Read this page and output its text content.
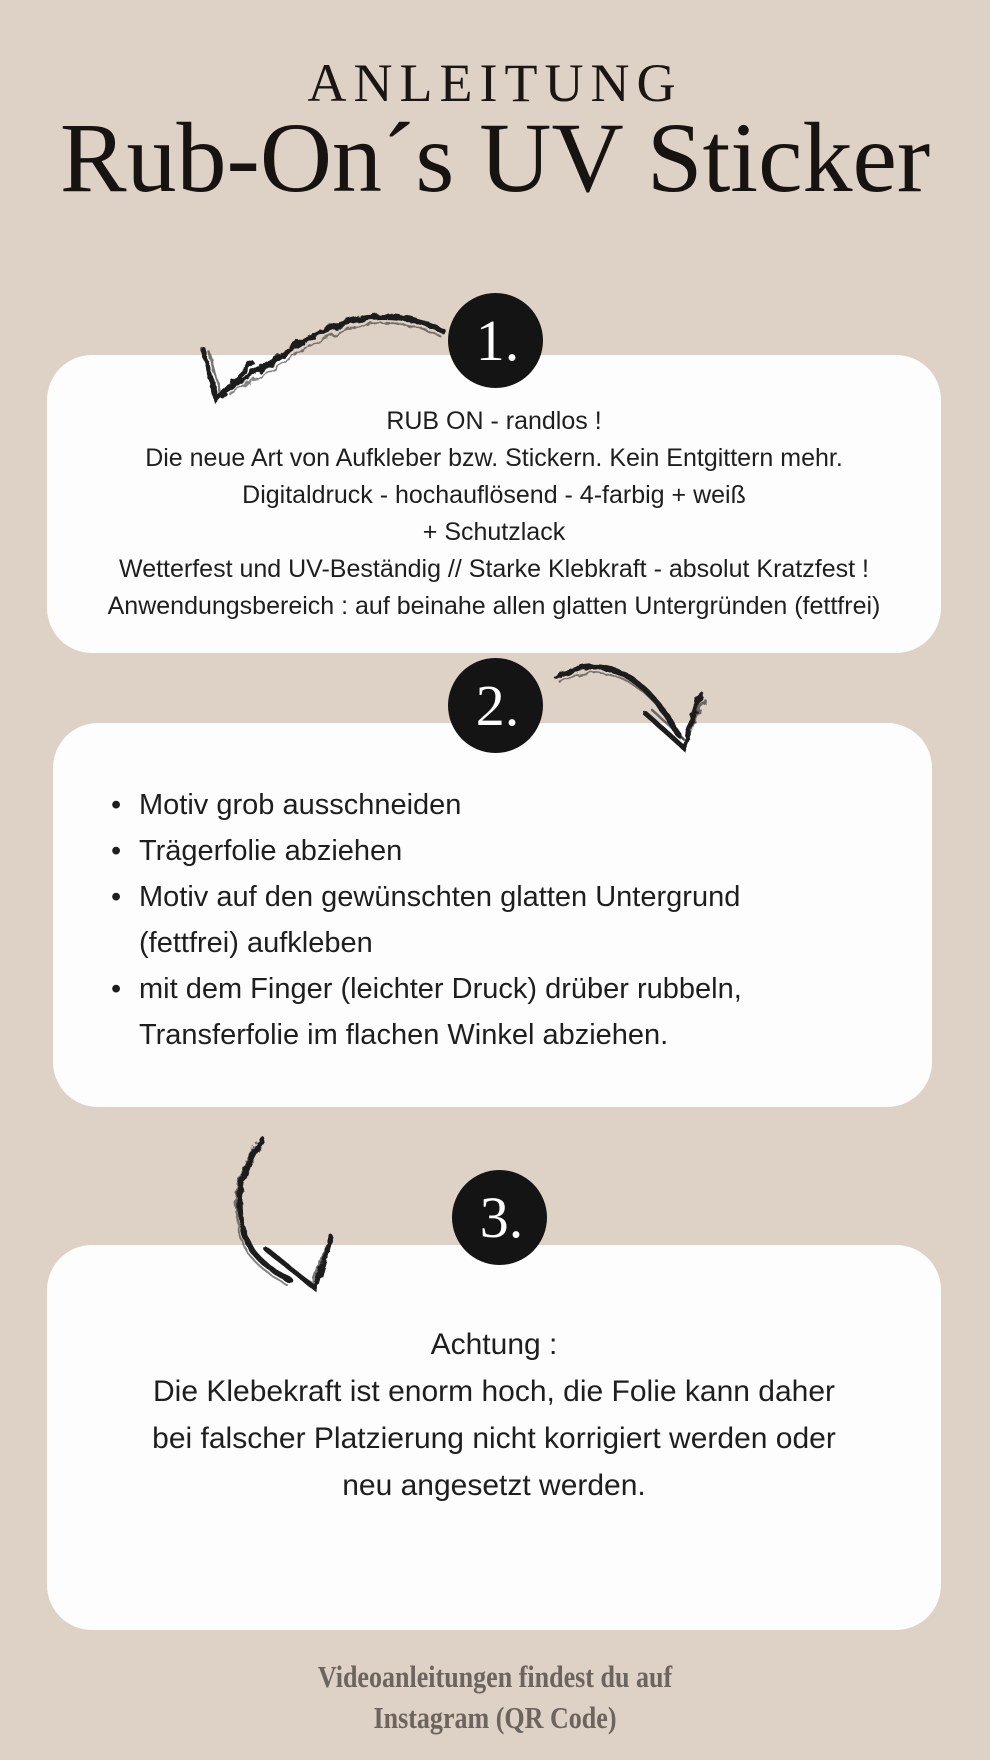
ANLEITUNG
Rub-On´s UV Sticker
1.
RUB ON - randlos !
Die neue Art von Aufkleber bzw. Stickern. Kein Entgittern mehr.
Digitaldruck - hochauflösend - 4-farbig + weiß
+ Schutzlack
Wetterfest und UV-Beständig // Starke Klebkraft - absolut Kratzfest !
Anwendungsbereich : auf beinahe allen glatten Untergründen (fettfrei)
2.
• Motiv grob ausschneiden
• Trägerfolie abziehen
• Motiv auf den gewünschten glatten Untergrund (fettfrei) aufkleben
• mit dem Finger (leichter Druck) drüber rubbeln, Transferfolie im flachen Winkel abziehen.
3.
Achtung :
Die Klebekraft ist enorm hoch, die Folie kann daher
bei falscher Platzierung nicht korrigiert werden oder
neu angesetzt werden.
Videoanleitungen findest du auf
Instagram (QR Code)
